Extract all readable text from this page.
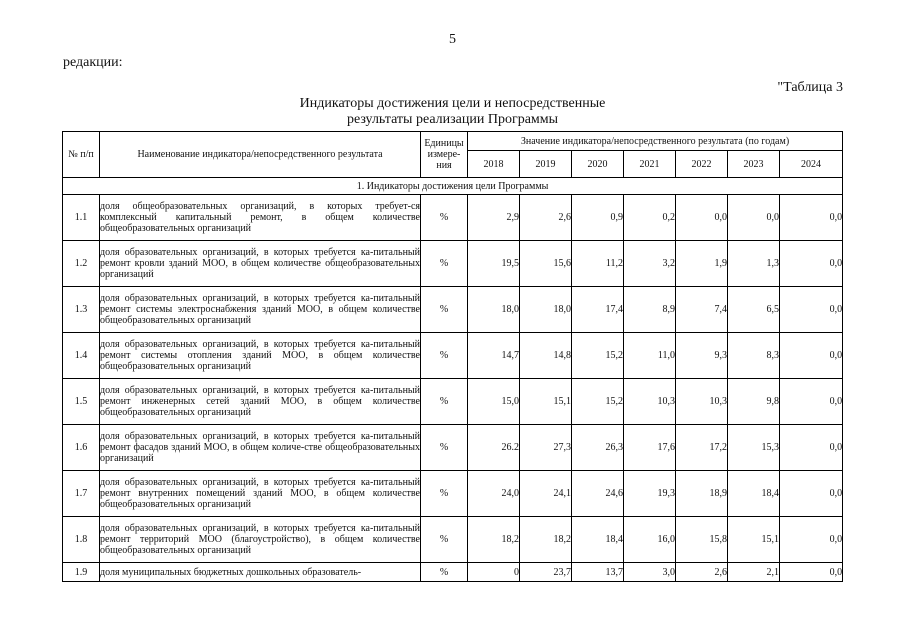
5
редакции:
"Таблица 3
Индикаторы достижения цели и непосредственные
результаты реализации Программы
№ п/п	Наименование индикатора/непосредственного результата	Единицы измере-ния	Значение индикатора/непосредственного результата (по годам)						
			2018	2019	2020	2021	2022	2023	2024
1. Индикаторы достижения цели Программы									
1.1	доля общеобразовательных организаций, в которых требует-ся комплексный капитальный ремонт, в общем количестве общеобразовательных организаций	%	2,9	2,6	0,9	0,2	0,0	0,0	0,0
1.2	доля образовательных организаций, в которых требуется ка-питальный ремонт кровли зданий МОО, в общем количестве общеобразовательных организаций	%	19,5	15,6	11,2	3,2	1,9	1,3	0,0
1.3	доля образовательных организаций, в которых требуется ка-питальный ремонт системы электроснабжения зданий МОО, в общем количестве общеобразовательных организаций	%	18,0	18,0	17,4	8,9	7,4	6,5	0,0
1.4	доля образовательных организаций, в которых требуется ка-питальный ремонт системы отопления зданий МОО, в общем количестве общеобразовательных организаций	%	14,7	14,8	15,2	11,0	9,3	8,3	0,0
1.5	доля образовательных организаций, в которых требуется ка-питальный ремонт инженерных сетей зданий МОО, в общем количестве общеобразовательных организаций	%	15,0	15,1	15,2	10,3	10,3	9,8	0,0
1.6	доля образовательных организаций, в которых требуется ка-питальный ремонт фасадов зданий МОО, в общем количе-стве общеобразовательных организаций	%	26.2	27,3	26,3	17,6	17,2	15,3	0,0
1.7	доля образовательных организаций, в которых требуется ка-питальный ремонт внутренних помещений зданий МОО, в общем количестве общеобразовательных организаций	%	24,0	24,1	24,6	19,3	18,9	18,4	0,0
1.8	доля образовательных организаций, в которых требуется ка-питальный ремонт территорий МОО (благоустройство), в общем количестве общеобразовательных организаций	%	18,2	18,2	18,4	16,0	15,8	15,1	0,0
1.9	доля муниципальных бюджетных дошкольных образователь-	%	0	23,7	13,7	3,0	2,6	2,1	0,0
